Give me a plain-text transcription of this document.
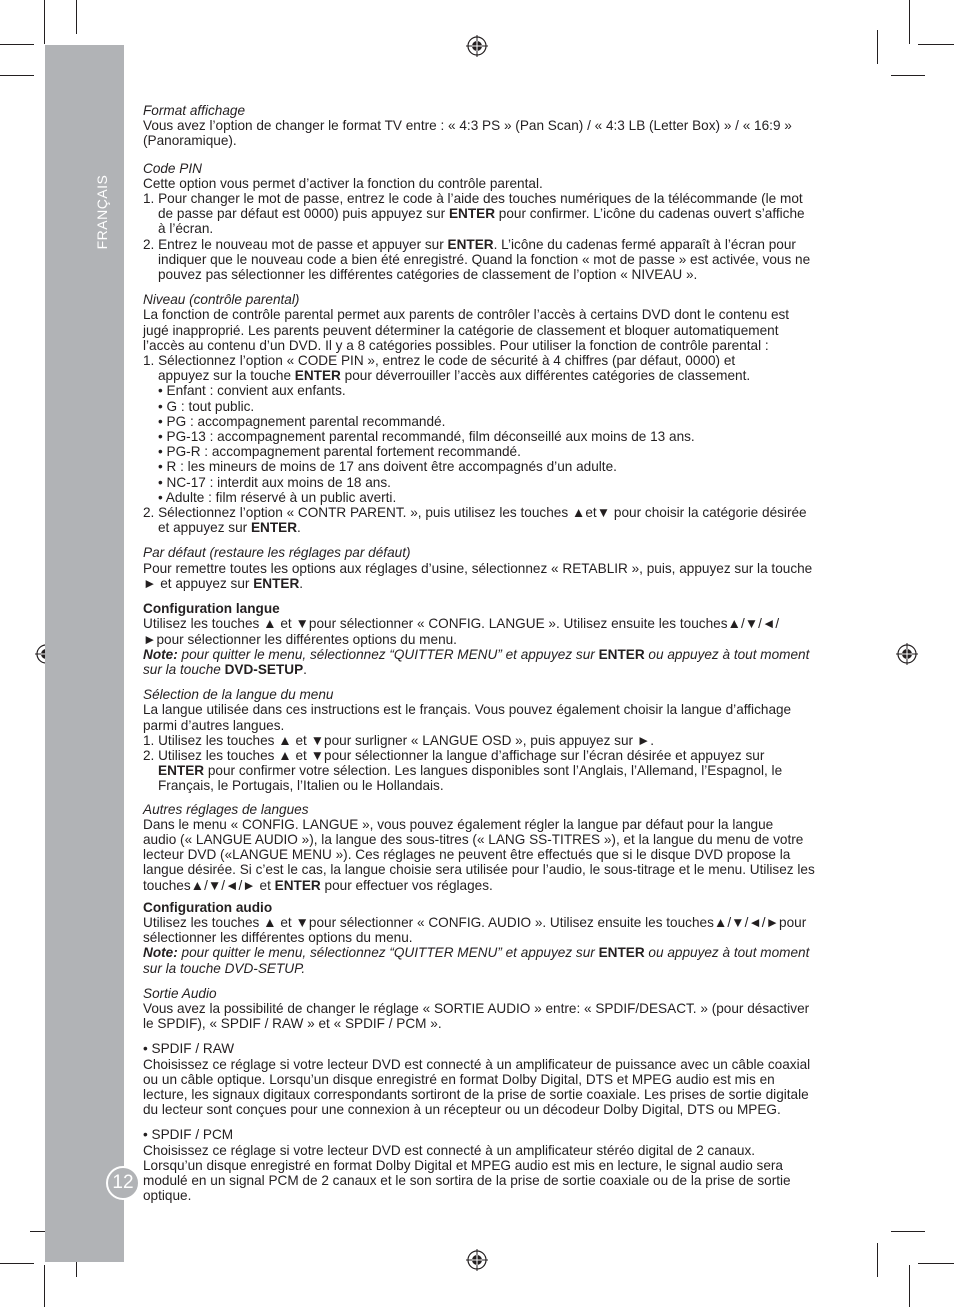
FRANÇAIS
12

Format affichage

Vous avez l’option de changer le format TV entre : « 4:3 PS » (Pan Scan) / « 4:3 LB (Letter Box) » / « 16:9 » (Panoramique).

Code PIN

Cette option vous permet d’activer la fonction du contrôle parental.

1. Pour changer le mot de passe, entrez le code à l’aide des touches numériques de la télécommande (le mot

de passe par défaut est 0000) puis appuyez sur ENTER pour confirmer. L’icône du cadenas ouvert s’affiche

à l’écran.

2. Entrez le nouveau mot de passe et appuyer sur ENTER. L’icône du cadenas fermé apparaît à l’écran pour

indiquer que le nouveau code a bien été enregistré. Quand la fonction « mot de passe » est activée, vous ne

pouvez pas sélectionner les différentes catégories de classement de l’option « NIVEAU ».

Niveau (contrôle parental)

La fonction de contrôle parental permet aux parents de contrôler l’accès à certains DVD dont le contenu est

jugé inapproprié. Les parents peuvent déterminer la catégorie de classement et bloquer automatiquement

l’accès au contenu d’un DVD. Il y a 8 catégories possibles. Pour utiliser la fonction de contrôle parental :

1. Sélectionnez l’option « CODE PIN », entrez le code de sécurité à 4 chiffres (par défaut, 0000) et

appuyez sur la touche ENTER pour déverrouiller l’accès aux différentes catégories de classement.

• Enfant : convient aux enfants.

• G : tout public.

• PG : accompagnement parental recommandé.

• PG-13 : accompagnement parental recommandé, film déconseillé aux moins de 13 ans.

• PG-R : accompagnement parental fortement recommandé.

• R : les mineurs de moins de 17 ans doivent être accompagnés d’un adulte.

• NC-17 : interdit aux moins de 18 ans.

• Adulte : film réservé à un public averti.

2. Sélectionnez l’option « CONTR PARENT. », puis utilisez les touches ▲et▼ pour choisir la catégorie désirée

et appuyez sur ENTER.

Par défaut (restaure les réglages par défaut)

Pour remettre toutes les options aux réglages d’usine, sélectionnez « RETABLIR », puis, appuyez sur la touche

► et appuyez sur ENTER.

Configuration langue

Utilisez les touches ▲ et ▼pour sélectionner « CONFIG. LANGUE ». Utilisez ensuite les touches▲/▼/◄/

►pour sélectionner les différentes options du menu.

Note: pour quitter le menu, sélectionnez “QUITTER MENU” et appuyez sur ENTER ou appuyez à tout moment

sur la touche DVD-SETUP.

Sélection de la langue du menu

La langue utilisée dans ces instructions est le français. Vous pouvez également choisir la langue d’affichage

parmi d’autres langues.

1. Utilisez les touches ▲ et ▼pour surligner « LANGUE OSD », puis appuyez sur ►.

2. Utilisez les touches ▲ et ▼pour sélectionner la langue d’affichage sur l’écran désirée et appuyez sur

ENTER pour confirmer votre sélection. Les langues disponibles sont l’Anglais, l’Allemand, l’Espagnol, le

Français, le Portugais, l’Italien ou le Hollandais.

Autres réglages de langues

Dans le menu « CONFIG. LANGUE », vous pouvez également régler la langue par défaut pour la langue

audio (« LANGUE AUDIO »), la langue des sous-titres (« LANG SS-TITRES »), et la langue du menu de votre

lecteur DVD («LANGUE MENU »). Ces réglages ne peuvent être effectués que si le disque DVD propose la

langue désirée. Si c’est le cas, la langue choisie sera utilisée pour l’audio, le sous-titrage et le menu. Utilisez les

touches▲/▼/◄/► et ENTER pour effectuer vos réglages.

Configuration audio

Utilisez les touches ▲ et ▼pour sélectionner « CONFIG. AUDIO ». Utilisez ensuite les touches▲/▼/◄/►pour

sélectionner les différentes options du menu.

Note: pour quitter le menu, sélectionnez “QUITTER MENU” et appuyez sur ENTER ou appuyez à tout moment

sur la touche DVD-SETUP.

Sortie Audio

Vous avez la possibilité de changer le réglage « SORTIE AUDIO » entre: « SPDIF/DESACT. » (pour désactiver

le SPDIF), « SPDIF / RAW » et « SPDIF / PCM ».

• SPDIF / RAW

Choisissez ce réglage si votre lecteur DVD est connecté à un amplificateur de puissance avec un câble coaxial

ou un câble optique. Lorsqu’un disque enregistré en format Dolby Digital, DTS et MPEG audio est mis en

lecture, les signaux digitaux correspondants sortiront de la prise de sortie coaxiale. Les prises de sortie digitale

du lecteur sont conçues pour une connexion à un récepteur ou un décodeur Dolby Digital, DTS ou MPEG.

• SPDIF / PCM

Choisissez ce réglage si votre lecteur DVD est connecté à un amplificateur stéréo digital de 2 canaux.

Lorsqu’un disque enregistré en format Dolby Digital et MPEG audio est mis en lecture, le signal audio sera

modulé en un signal PCM de 2 canaux et le son sortira de la prise de sortie coaxiale ou de la prise de sortie

optique.
